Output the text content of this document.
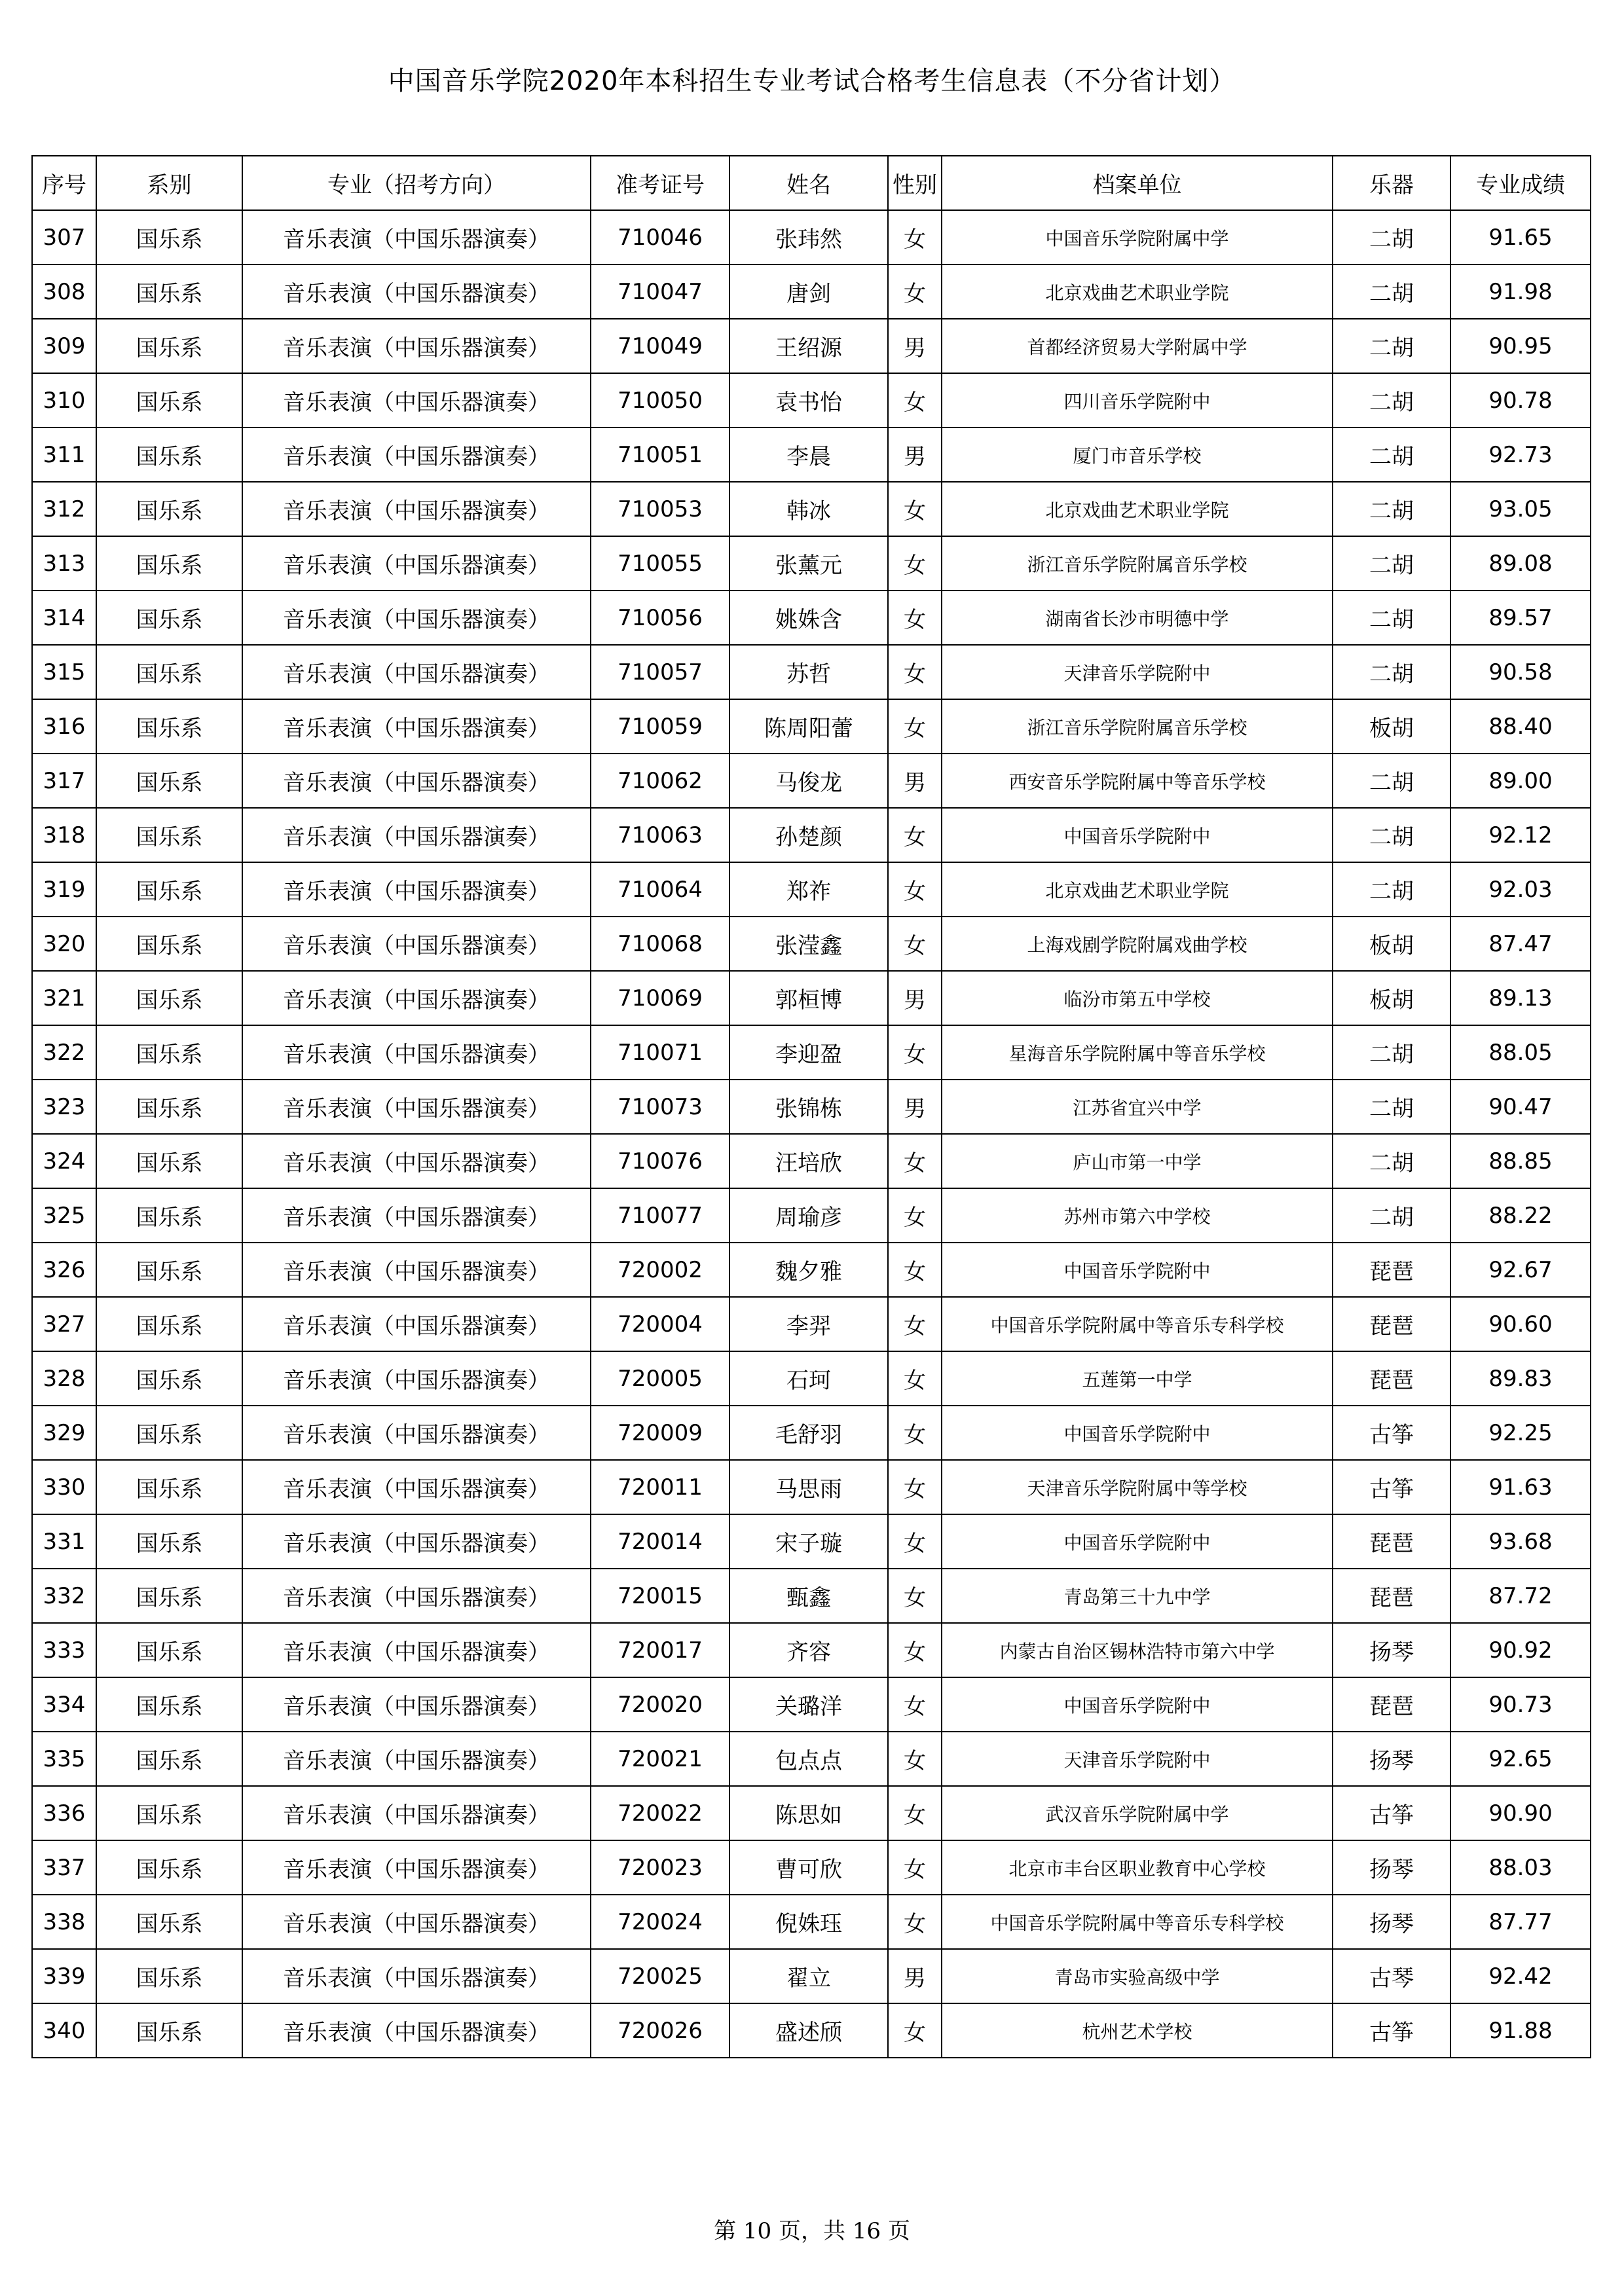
中国音乐学院2020年本科招生专业考试合格考生信息表（不分省计划）
序号	系别	专业（招考方向）	准考证号	姓名	性别	档案单位	乐器	专业成绩
307	国乐系	音乐表演（中国乐器演奏）	710046	张玮然	女	中国音乐学院附属中学	二胡	91.65
308	国乐系	音乐表演（中国乐器演奏）	710047	唐剑	女	北京戏曲艺术职业学院	二胡	91.98
309	国乐系	音乐表演（中国乐器演奏）	710049	王绍源	男	首都经济贸易大学附属中学	二胡	90.95
310	国乐系	音乐表演（中国乐器演奏）	710050	袁书怡	女	四川音乐学院附中	二胡	90.78
311	国乐系	音乐表演（中国乐器演奏）	710051	李晨	男	厦门市音乐学校	二胡	92.73
312	国乐系	音乐表演（中国乐器演奏）	710053	韩冰	女	北京戏曲艺术职业学院	二胡	93.05
313	国乐系	音乐表演（中国乐器演奏）	710055	张薰元	女	浙江音乐学院附属音乐学校	二胡	89.08
314	国乐系	音乐表演（中国乐器演奏）	710056	姚姝含	女	湖南省长沙市明德中学	二胡	89.57
315	国乐系	音乐表演（中国乐器演奏）	710057	苏哲	女	天津音乐学院附中	二胡	90.58
316	国乐系	音乐表演（中国乐器演奏）	710059	陈周阳蕾	女	浙江音乐学院附属音乐学校	板胡	88.40
317	国乐系	音乐表演（中国乐器演奏）	710062	马俊龙	男	西安音乐学院附属中等音乐学校	二胡	89.00
318	国乐系	音乐表演（中国乐器演奏）	710063	孙楚颜	女	中国音乐学院附中	二胡	92.12
319	国乐系	音乐表演（中国乐器演奏）	710064	郑祚	女	北京戏曲艺术职业学院	二胡	92.03
320	国乐系	音乐表演（中国乐器演奏）	710068	张滢鑫	女	上海戏剧学院附属戏曲学校	板胡	87.47
321	国乐系	音乐表演（中国乐器演奏）	710069	郭桓博	男	临汾市第五中学校	板胡	89.13
322	国乐系	音乐表演（中国乐器演奏）	710071	李迎盈	女	星海音乐学院附属中等音乐学校	二胡	88.05
323	国乐系	音乐表演（中国乐器演奏）	710073	张锦栋	男	江苏省宜兴中学	二胡	90.47
324	国乐系	音乐表演（中国乐器演奏）	710076	汪培欣	女	庐山市第一中学	二胡	88.85
325	国乐系	音乐表演（中国乐器演奏）	710077	周瑜彦	女	苏州市第六中学校	二胡	88.22
326	国乐系	音乐表演（中国乐器演奏）	720002	魏夕雅	女	中国音乐学院附中	琵琶	92.67
327	国乐系	音乐表演（中国乐器演奏）	720004	李羿	女	中国音乐学院附属中等音乐专科学校	琵琶	90.60
328	国乐系	音乐表演（中国乐器演奏）	720005	石珂	女	五莲第一中学	琵琶	89.83
329	国乐系	音乐表演（中国乐器演奏）	720009	毛舒羽	女	中国音乐学院附中	古筝	92.25
330	国乐系	音乐表演（中国乐器演奏）	720011	马思雨	女	天津音乐学院附属中等学校	古筝	91.63
331	国乐系	音乐表演（中国乐器演奏）	720014	宋子璇	女	中国音乐学院附中	琵琶	93.68
332	国乐系	音乐表演（中国乐器演奏）	720015	甄鑫	女	青岛第三十九中学	琵琶	87.72
333	国乐系	音乐表演（中国乐器演奏）	720017	齐容	女	内蒙古自治区锡林浩特市第六中学	扬琴	90.92
334	国乐系	音乐表演（中国乐器演奏）	720020	关璐洋	女	中国音乐学院附中	琵琶	90.73
335	国乐系	音乐表演（中国乐器演奏）	720021	包点点	女	天津音乐学院附中	扬琴	92.65
336	国乐系	音乐表演（中国乐器演奏）	720022	陈思如	女	武汉音乐学院附属中学	古筝	90.90
337	国乐系	音乐表演（中国乐器演奏）	720023	曹可欣	女	北京市丰台区职业教育中心学校	扬琴	88.03
338	国乐系	音乐表演（中国乐器演奏）	720024	倪姝珏	女	中国音乐学院附属中等音乐专科学校	扬琴	87.77
339	国乐系	音乐表演（中国乐器演奏）	720025	翟立	男	青岛市实验高级中学	古琴	92.42
340	国乐系	音乐表演（中国乐器演奏）	720026	盛述颀	女	杭州艺术学校	古筝	91.88
第 10 页，共 16 页
